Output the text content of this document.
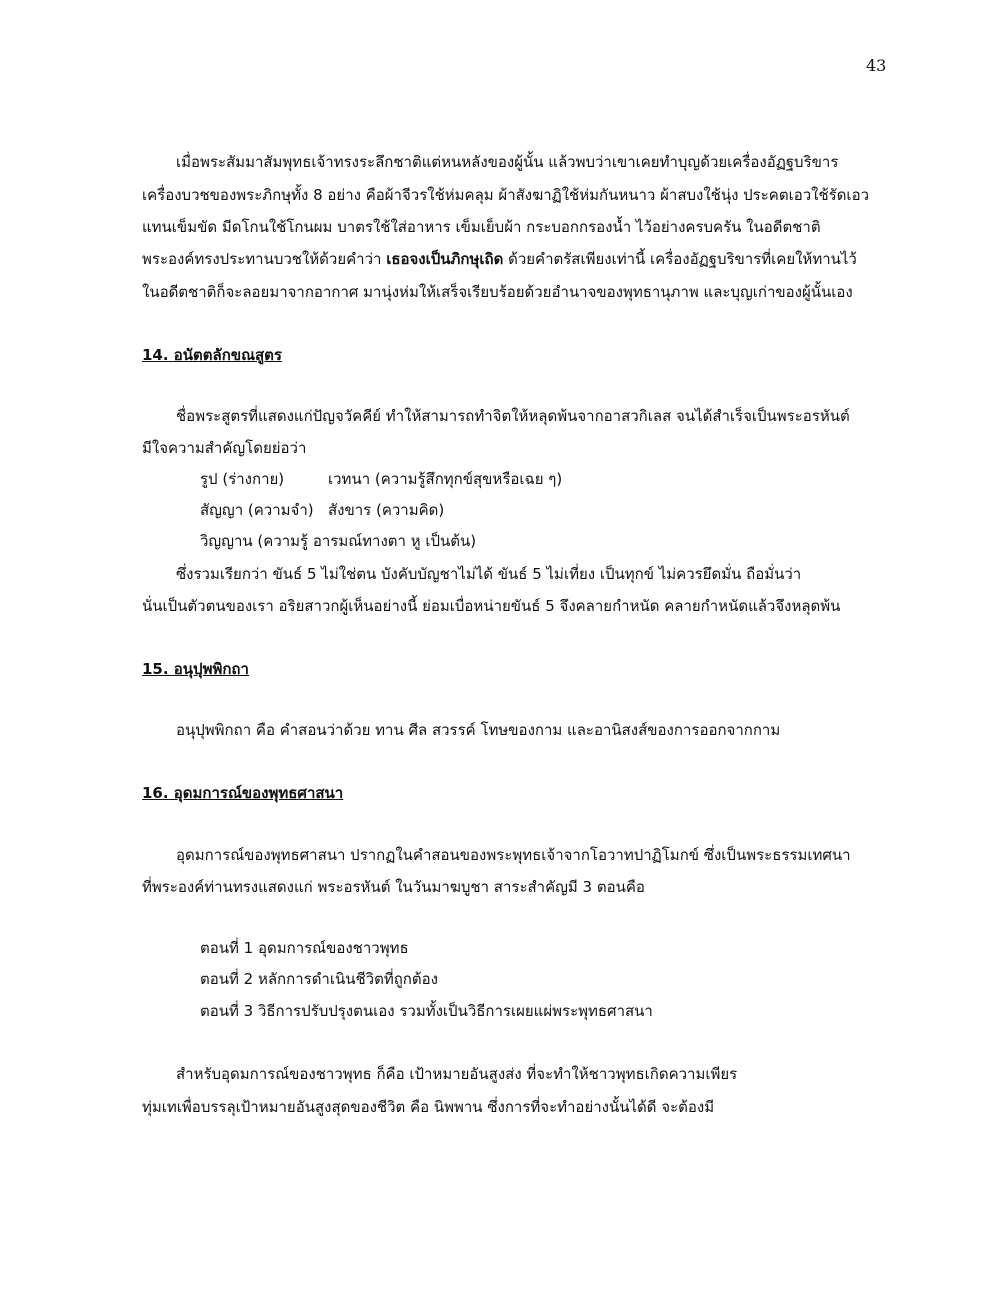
43
เมื่อพระสัมมาสัมพุทธเจ้าทรงระลึกชาติแต่หนหลังของผู้นั้น แล้วพบว่าเขาเคยทำบุญด้วยเครื่องอัฏฐบริขาร
เครื่องบวชของพระภิกษุทั้ง 8 อย่าง คือผ้าจีวรใช้ห่มคลุม ผ้าสังฆาฏิใช้ห่มกันหนาว ผ้าสบงใช้นุ่ง ประคตเอวใช้รัดเอว
แทนเข็มขัด มีดโกนใช้โกนผม บาตรใช้ใส่อาหาร เข็มเย็บผ้า กระบอกกรองน้ำ ไว้อย่างครบครัน ในอดีตชาติ
พระองค์ทรงประทานบวชให้ด้วยคำว่า เธอจงเป็นภิกษุเถิด ด้วยคำตรัสเพียงเท่านี้ เครื่องอัฏฐบริขารที่เคยให้ทานไว้
ในอดีตชาติก็จะลอยมาจากอากาศ มานุ่งห่มให้เสร็จเรียบร้อยด้วยอำนาจของพุทธานุภาพ และบุญเก่าของผู้นั้นเอง
14. อนัตตลักขณสูตร
ชื่อพระสูตรที่แสดงแก่ปัญจวัคคีย์ ทำให้สามารถทำจิตให้หลุดพ้นจากอาสวกิเลส จนได้สำเร็จเป็นพระอรหันต์
มีใจความสำคัญโดยย่อว่า
รูป (ร่างกาย)	เวทนา (ความรู้สึกทุกข์สุขหรือเฉย ๆ)
สัญญา (ความจำ) สังขาร (ความคิด)
วิญญาน (ความรู้ อารมณ์ทางตา หู เป็นต้น)
ซึ่งรวมเรียกว่า ขันธ์ 5 ไม่ใช่ตน บังคับบัญชาไม่ได้ ขันธ์ 5 ไม่เที่ยง เป็นทุกข์ ไม่ควรยึดมั่น ถือมั่นว่า
นั่นเป็นตัวตนของเรา อริยสาวกผู้เห็นอย่างนี้ ย่อมเบื่อหน่ายขันธ์ 5 จึงคลายกำหนัด คลายกำหนัดแล้วจึงหลุดพ้น
15. อนุปุพพิกถา
อนุปุพพิกถา คือ คำสอนว่าด้วย ทาน ศีล สวรรค์ โทษของกาม และอานิสงส์ของการออกจากกาม
16. อุดมการณ์ของพุทธศาสนา
อุดมการณ์ของพุทธศาสนา ปรากฏในคำสอนของพระพุทธเจ้าจากโอวาทปาฏิโมกข์ ซึ่งเป็นพระธรรมเทศนา
ที่พระองค์ท่านทรงแสดงแก่ พระอรหันต์ ในวันมาฆบูชา สาระสำคัญมี 3 ตอนคือ
ตอนที่ 1 อุดมการณ์ของชาวพุทธ
ตอนที่ 2 หลักการดำเนินชีวิตที่ถูกต้อง
ตอนที่ 3 วิธีการปรับปรุงตนเอง รวมทั้งเป็นวิธีการเผยแผ่พระพุทธศาสนา
สำหรับอุดมการณ์ของชาวพุทธ ก็คือ เป้าหมายอันสูงส่ง ที่จะทำให้ชาวพุทธเกิดความเพียร
ทุ่มเทเพื่อบรรลุเป้าหมายอันสูงสุดของชีวิต คือ นิพพาน ซึ่งการที่จะทำอย่างนั้นได้ดี จะต้องมี
